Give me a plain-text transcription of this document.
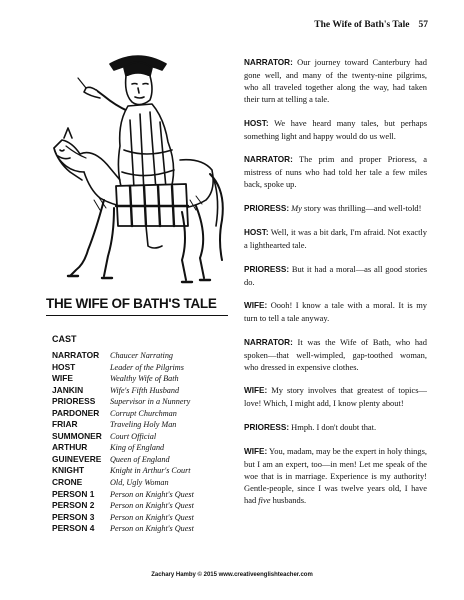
The Wife of Bath's Tale 57
THE WIFE OF BATH'S TALE
CAST
NARRATOR	Chaucer Narrating
HOST	Leader of the Pilgrims
WIFE	Wealthy Wife of Bath
JANKIN	Wife's Fifth Husband
PRIORESS	Supervisor in a Nunnery
PARDONER	Corrupt Churchman
FRIAR	Traveling Holy Man
SUMMONER	Court Official
ARTHUR	King of England
GUINEVERE	Queen of England
KNIGHT	Knight in Arthur's Court
CRONE	Old, Ugly Woman
PERSON 1	Person on Knight's Quest
PERSON 2	Person on Knight's Quest
PERSON 3	Person on Knight's Quest
PERSON 4	Person on Knight's Quest

NARRATOR: Our journey toward Canterbury had gone well, and many of the twenty-nine pilgrims, who all traveled together along the way, had taken their turn at telling a tale.

HOST: We have heard many tales, but perhaps something light and happy would do us well.

NARRATOR: The prim and proper Prioress, a mistress of nuns who had told her tale a few miles back, spoke up.

PRIORESS: My story was thrilling—and well-told!

HOST: Well, it was a bit dark, I'm afraid. Not exactly a lighthearted tale.

PRIORESS: But it had a moral—as all good stories do.

WIFE: Oooh! I know a tale with a moral. It is my turn to tell a tale anyway.

NARRATOR: It was the Wife of Bath, who had spoken—that well-wimpled, gap-toothed woman, who dressed in expensive clothes.

WIFE: My story involves that greatest of topics—love! Which, I might add, I know plenty about!

PRIORESS: Hmph. I don't doubt that.

WIFE: You, madam, may be the expert in holy things, but I am an expert, too—in men! Let me speak of the woe that is in marriage. Experience is my authority! Gentle-people, since I was twelve years old, I have had five husbands.

Zachary Hamby © 2015 www.creativeenglishteacher.com
